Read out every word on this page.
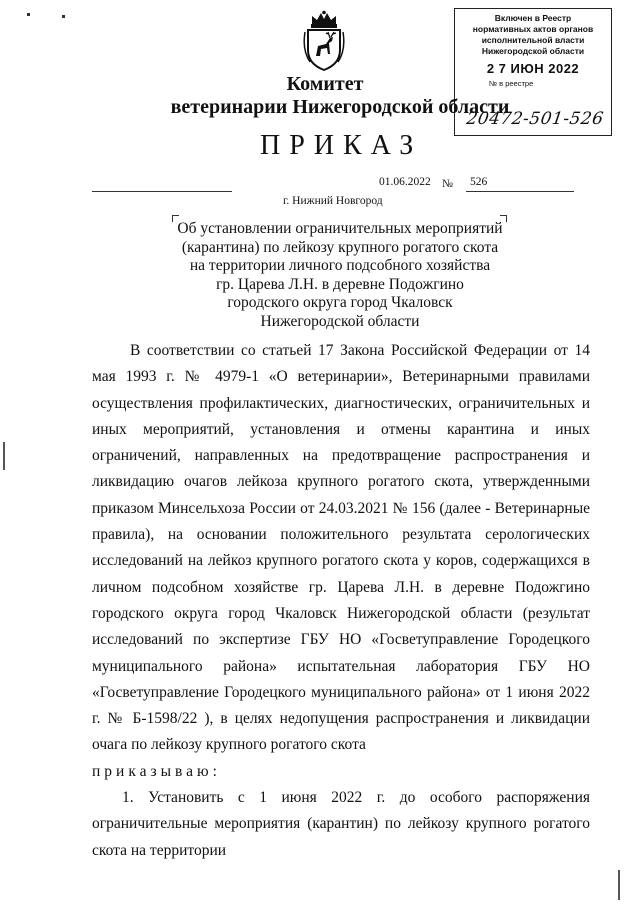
Включен в Реестр
нормативных актов органов
исполнительной власти
Нижегородской области
2 7 ИЮН 2022
№ в реестре
20472-501-526
Комитет
ветеринарии Нижегородской области
ПРИКАЗ
01.06.2022 № 526
г. Нижний Новгород
Об установлении ограничительных мероприятий
(карантина) по лейкозу крупного рогатого скота
на территории личного подсобного хозяйства
гр. Царева Л.Н. в деревне Подожгино
городского округа город Чкаловск
Нижегородской области

В соответствии со статьей 17 Закона Российской Федерации от 14 мая 1993 г. № 4979-1 «О ветеринарии», Ветеринарными правилами осуществления профилактических, диагностических, ограничительных и иных мероприятий, установления и отмены карантина и иных ограничений, направленных на предотвращение распространения и ликвидацию очагов лейкоза крупного рогатого скота, утвержденными приказом Минсельхоза России от 24.03.2021 № 156 (далее - Ветеринарные правила), на основании положительного результата серологических исследований на лейкоз крупного рогатого скота у коров, содержащихся в личном подсобном хозяйстве гр. Царева Л.Н. в деревне Подожгино городского округа город Чкаловск Нижегородской области (результат исследований по экспертизе ГБУ НО «Госветуправление Городецкого муниципального района» испытательная лаборатория ГБУ НО «Госветуправление Городецкого муниципального района» от 1 июня 2022 г. № Б-1598/22 ), в целях недопущения распространения и ликвидации очага по лейкозу крупного рогатого скота

приказываю:

1. Установить с 1 июня 2022 г. до особого распоряжения ограничительные мероприятия (карантин) по лейкозу крупного рогатого скота на территории
